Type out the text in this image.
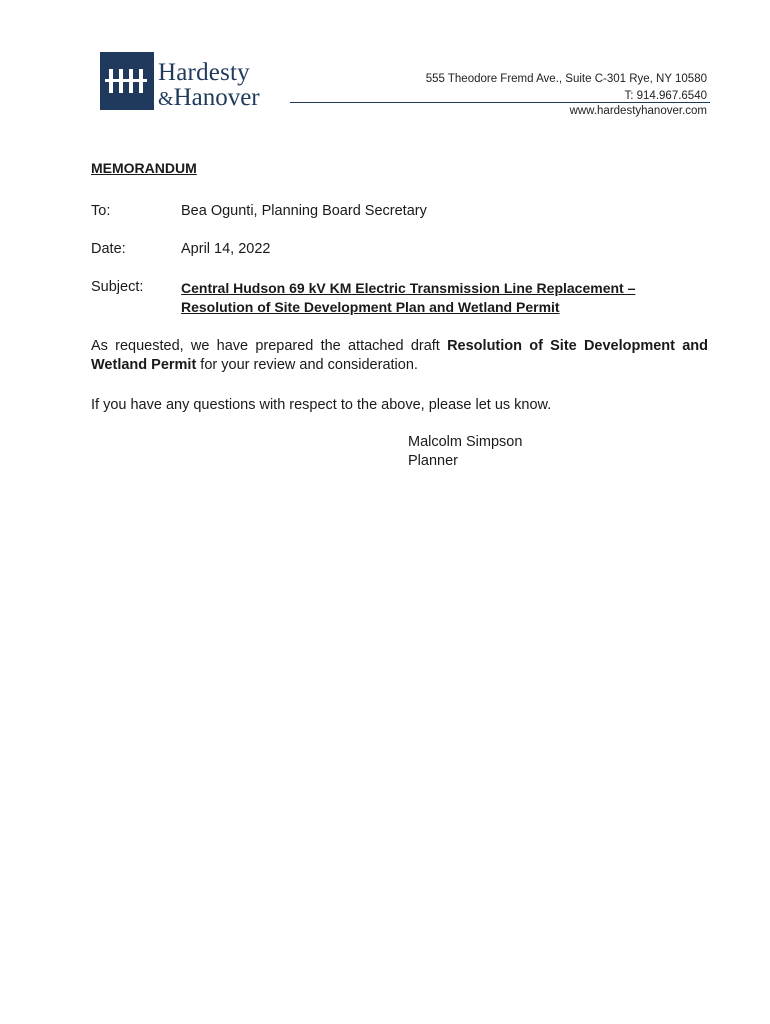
HH
Hardesty
&Hanover
555 Theodore Fremd Ave., Suite C-301 Rye, NY 10580
T: 914.967.6540
www.hardestyhanover.com
MEMORANDUM
To:	Bea Ogunti, Planning Board Secretary
Date:	April 14, 2022
Subject:	Central Hudson 69 kV KM Electric Transmission Line Replacement – Resolution of Site Development Plan and Wetland Permit
As requested, we have prepared the attached draft Resolution of Site Development and Wetland Permit for your review and consideration.
If you have any questions with respect to the above, please let us know.
Malcolm Simpson
Planner
